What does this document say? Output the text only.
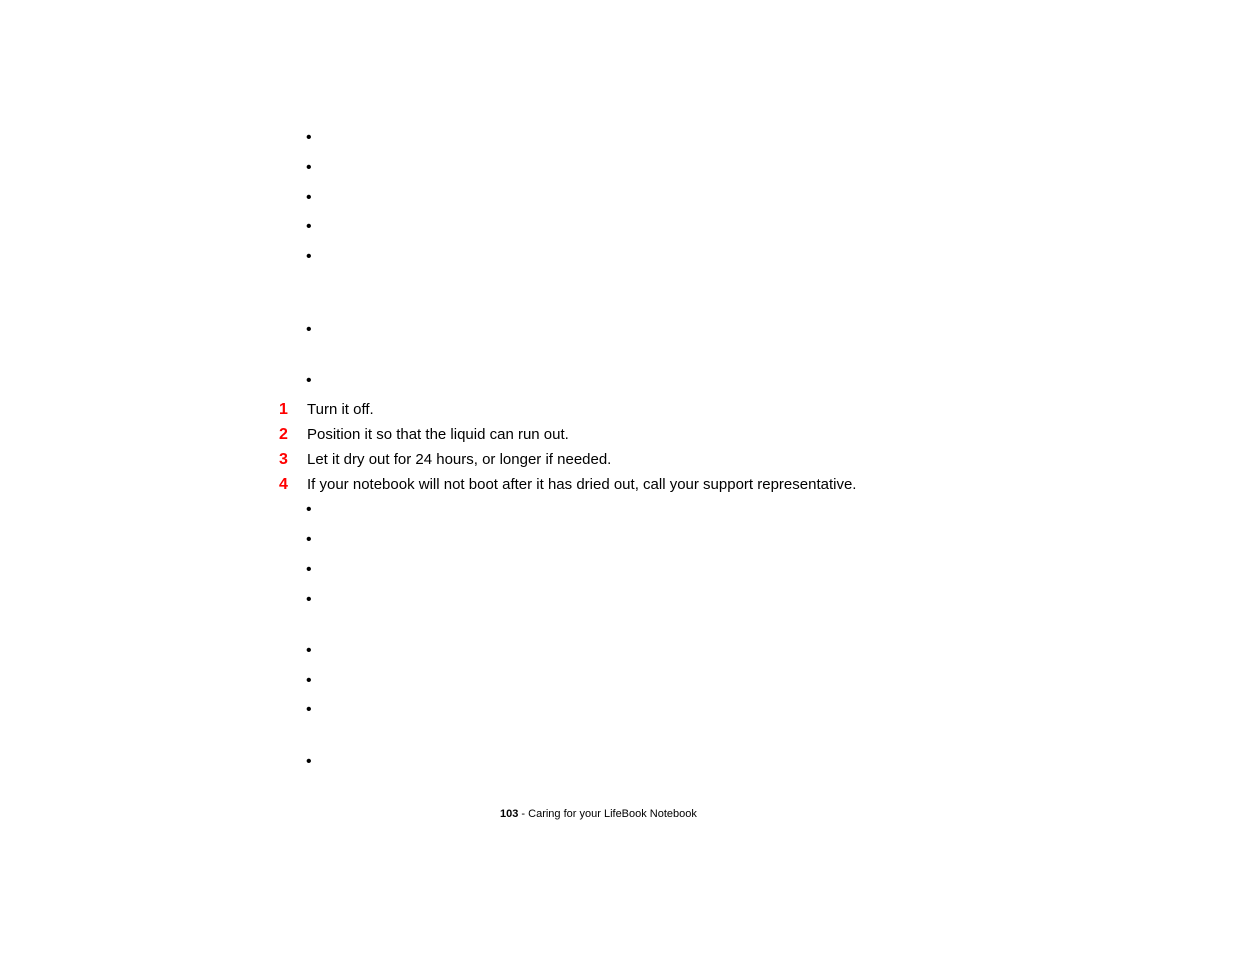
•
•
•
•
•
•
•
1 Turn it off.
2 Position it so that the liquid can run out.
3 Let it dry out for 24 hours, or longer if needed.
4 If your notebook will not boot after it has dried out, call your support representative.
•
•
•
•
•
•
•
•
103 - Caring for your LifeBook Notebook
